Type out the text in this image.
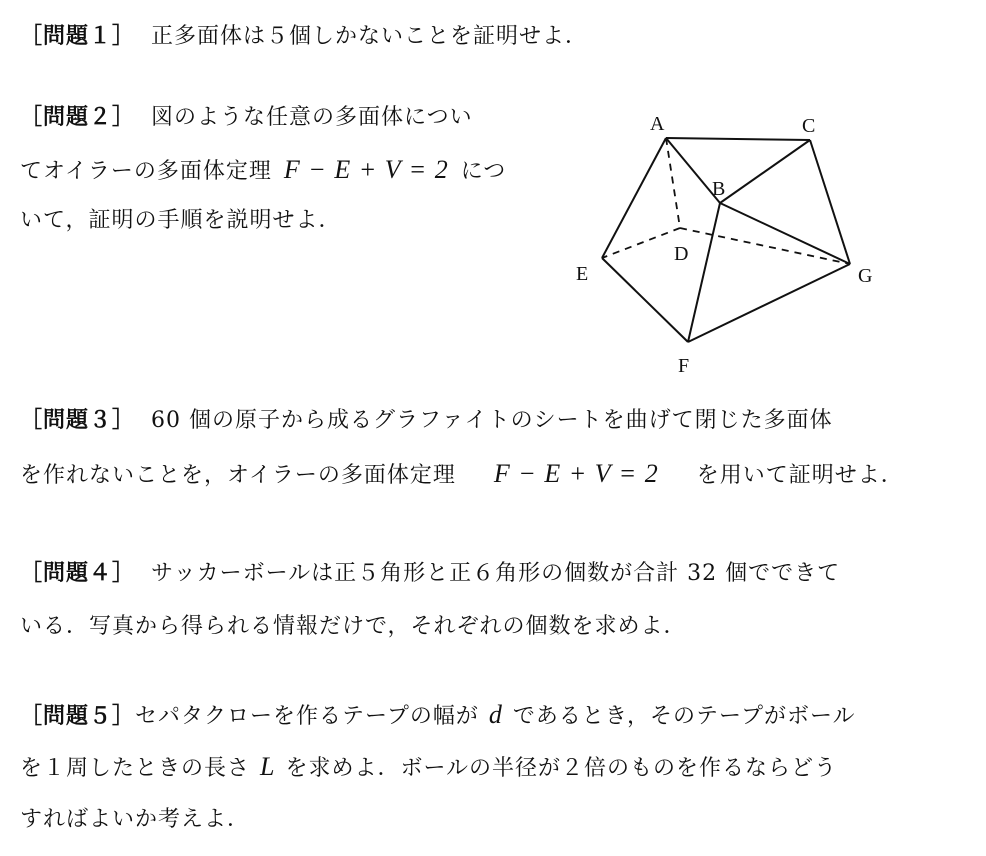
［問題１］ 正多面体は５個しかないことを証明せよ．
［問題２］ 図のような任意の多面体につい
てオイラーの多面体定理 F − E + V = 2 につ
いて，証明の手順を説明せよ．
A
B
C
D
E
F
G
［問題３］ 60 個の原子から成るグラファイトのシートを曲げて閉じた多面体
を作れないことを，オイラーの多面体定理 F − E + V = 2 を用いて証明せよ．
［問題４］ サッカーボールは正５角形と正６角形の個数が合計 32 個でできて
いる．写真から得られる情報だけで，それぞれの個数を求めよ．
［問題５］セパタクローを作るテープの幅が d であるとき，そのテープがボール
を１周したときの長さ L を求めよ．ボールの半径が２倍のものを作るならどう
すればよいか考えよ．
